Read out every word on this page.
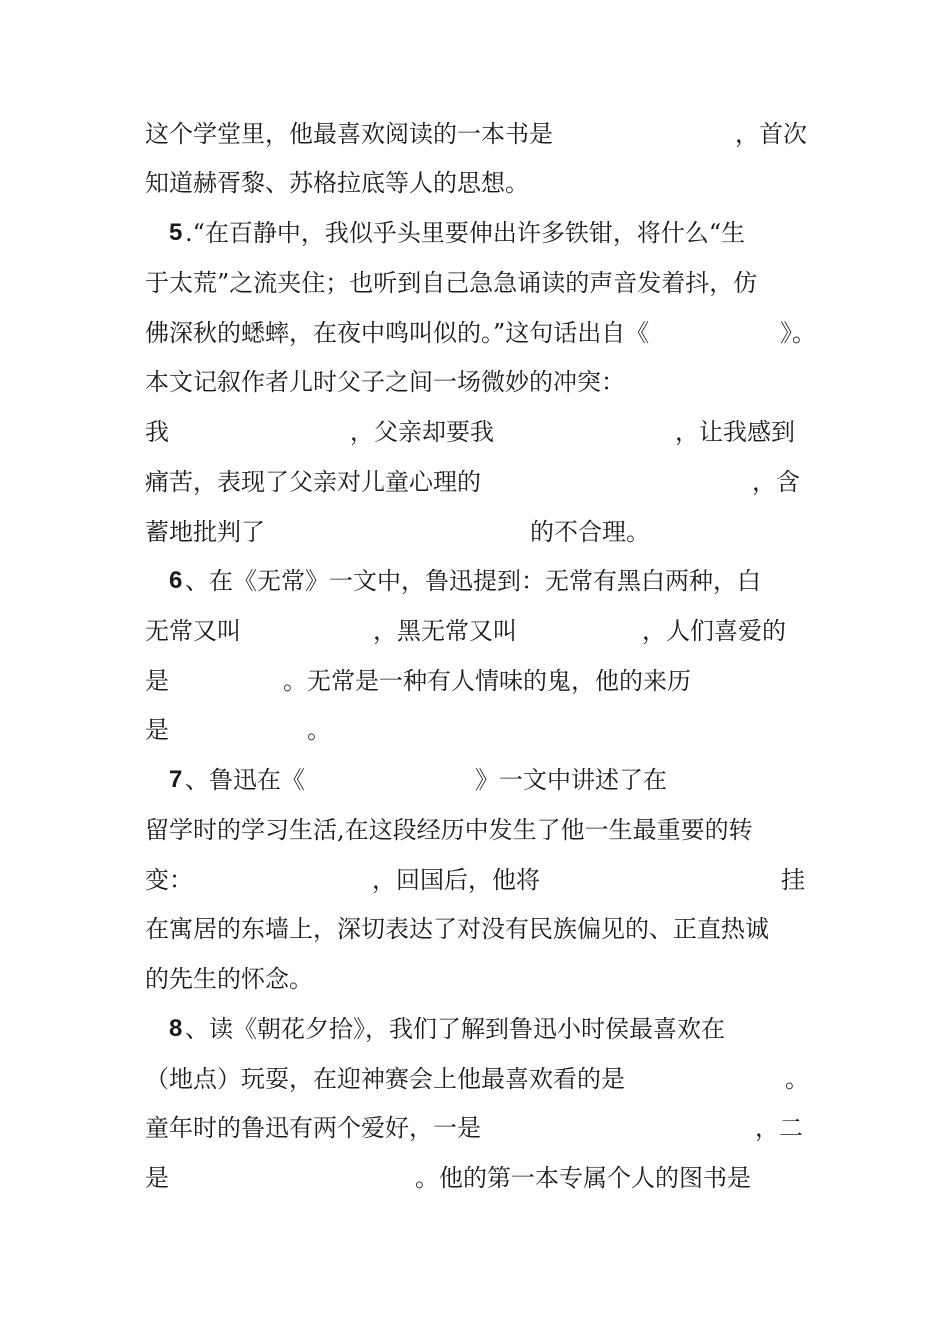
这个学堂里，他最喜欢阅读的一本书是	，首次
知道赫胥黎、苏格拉底等人的思想。
5 .“在百静中，我似乎头里要伸出许多铁钳，将什么“生
于太荒”之流夹住；也听到自己急急诵读的声音发着抖，仿
佛深秋的蟋蟀，在夜中鸣叫似的。”这句话出自《	》。
本文记叙作者儿时父子之间一场微妙的冲突：
我	，父亲却要我	，让我感到
痛苦，表现了父亲对儿童心理的	，含
蓄地批判了	的不合理。
6 、在《无常》一文中，鲁迅提到：无常有黑白两种，白
无常又叫	，黑无常又叫	，人们喜爱的
是	。无常是一种有人情味的鬼，他的来历
是	。
7 、鲁迅在《	》一文中讲述了在
留学时的学习生活,在这段经历中发生了他一生最重要的转
变：	，回国后，他将	挂
在寓居的东墙上，深切表达了对没有民族偏见的、正直热诚
的先生的怀念。
8 、读《朝花夕拾》，我们了解到鲁迅小时侯最喜欢在
（地点）玩耍，在迎神赛会上他最喜欢看的是	。
童年时的鲁迅有两个爱好，一是	，二
是	。他的第一本专属个人的图书是
